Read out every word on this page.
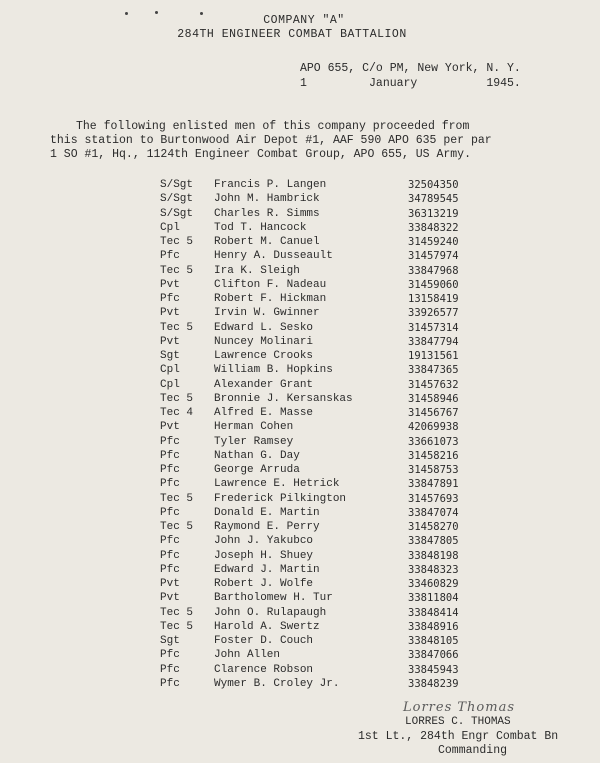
COMPANY "A"
284TH ENGINEER COMBAT BATTALION
APO 655, C/o PM, New York, N. Y.
1         January          1945.
The following enlisted men of this company proceeded from
this station to Burtonwood Air Depot #1, AAF 590 APO 635 per par
1 SO #1, Hq., 1124th Engineer Combat Group, APO 655, US Army.
S/Sgt Francis P. Langen	32504350
S/Sgt John M. Hambrick	34789545
S/Sgt Charles R. Simms	36313219
Cpl	Tod T. Hancock	33848322
Tec 5 Robert M. Canuel	31459240
Pfc	Henry A. Dusseault	31457974
Tec 5 Ira K. Sleigh	33847968
Pvt	Clifton F. Nadeau	31459060
Pfc	Robert F. Hickman	13158419
Pvt	Irvin W. Gwinner	33926577
Tec 5 Edward L. Sesko	31457314
Pvt	Nuncey Molinari	33847794
Sgt	Lawrence Crooks	19131561
Cpl	William B. Hopkins	33847365
Cpl	Alexander Grant	31457632
Tec 5 Bronnie J. Kersanskas	31458946
Tec 4 Alfred E. Masse	31456767
Pvt	Herman Cohen	42069938
Pfc	Tyler Ramsey	33661073
Pfc	Nathan G. Day	31458216
Pfc	George Arruda	31458753
Pfc	Lawrence E. Hetrick	33847891
Tec 5 Frederick Pilkington	31457693
Pfc	Donald E. Martin	33847074
Tec 5 Raymond E. Perry	31458270
Pfc	John J. Yakubco	33847805
Pfc	Joseph H. Shuey	33848198
Pfc	Edward J. Martin	33848323
Pvt	Robert J. Wolfe	33460829
Pvt	Bartholomew H. Tur	33811804
Tec 5 John O. Rulapaugh	33848414
Tec 5 Harold A. Swertz	33848916
Sgt	Foster D. Couch	33848105
Pfc	John Allen	33847066
Pfc	Clarence Robson	33845943
Pfc	Wymer B. Croley Jr.	33848239
Lorres Thomas
LORRES C. THOMAS
1st Lt., 284th Engr Combat Bn
Commanding
